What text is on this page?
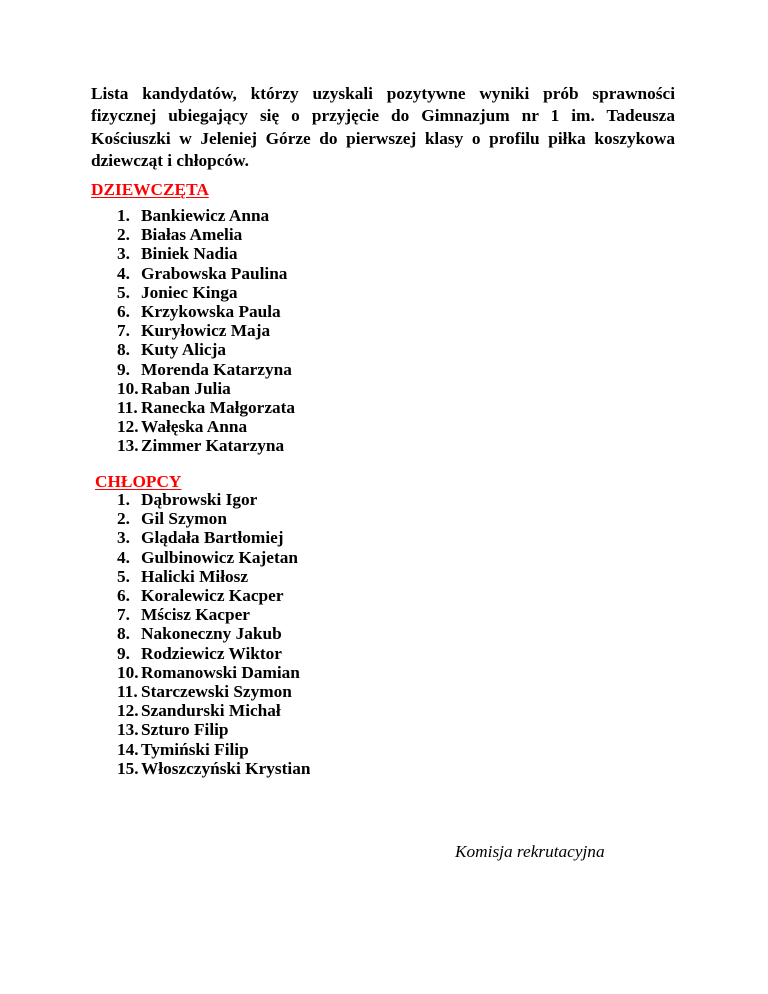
Lista kandydatów, którzy uzyskali pozytywne wyniki prób sprawności fizycznej ubiegający się o przyjęcie do Gimnazjum nr 1 im. Tadeusza Kościuszki w Jeleniej Górze do pierwszej klasy o profilu piłka koszykowa dziewcząt i chłopców.

DZIEWCZĘTA
1. Bankiewicz Anna
2. Białas Amelia
3. Biniek Nadia
4. Grabowska Paulina
5. Joniec Kinga
6. Krzykowska Paula
7. Kuryłowicz Maja
8. Kuty Alicja
9. Morenda Katarzyna
10. Raban Julia
11. Ranecka Małgorzata
12. Wałęska Anna
13. Zimmer Katarzyna
CHŁOPCY
1. Dąbrowski Igor
2. Gil Szymon
3. Glądała Bartłomiej
4. Gulbinowicz Kajetan
5. Halicki Miłosz
6. Koralewicz Kacper
7. Mścisz Kacper
8. Nakoneczny Jakub
9. Rodziewicz Wiktor
10. Romanowski Damian
11. Starczewski Szymon
12. Szandurski Michał
13. Szturo Filip
14. Tymiński Filip
15. Włoszczyński Krystian

Komisja rekrutacyjna
